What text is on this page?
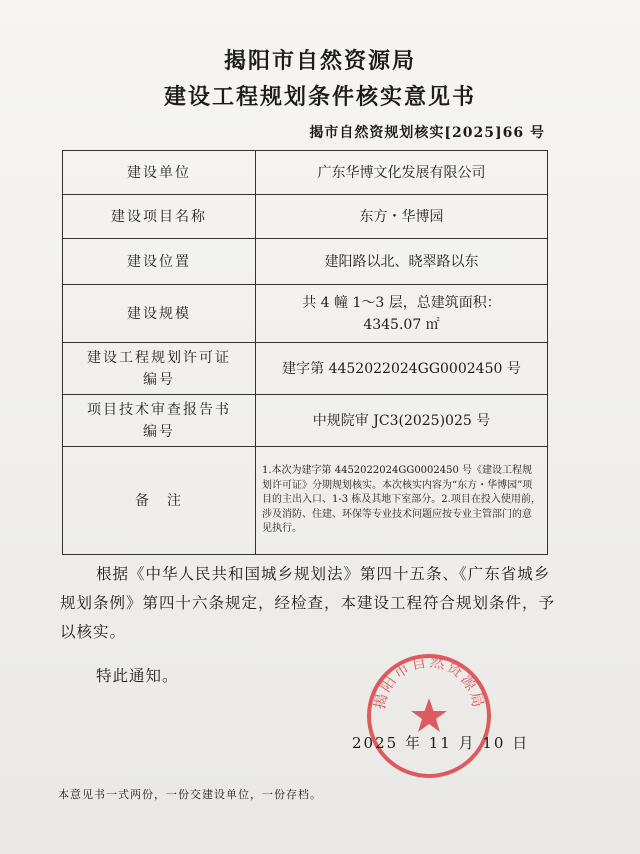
揭阳市自然资源局
建设工程规划条件核实意见书
揭市自然资规划核实[2025]66 号
建设单位	广东华博文化发展有限公司
建设项目名称	东方・华博园
建设位置	建阳路以北、晓翠路以东
建设规模	共 4 幢 1～3 层，总建筑面积：4345.07 ㎡
建设工程规划许可证编号	建字第 4452022024GG0002450 号
项目技术审查报告书编号	中规院审 JC3(2025)025 号
备　注	1.本次为建字第 4452022024GG0002450 号《建设工程规划许可证》分期规划核实。本次核实内容为“东方・华博园”项目的主出入口、1-3 栋及其地下室部分。2.项目在投入使用前，涉及消防、住建、环保等专业技术问题应按专业主管部门的意见执行。
根据《中华人民共和国城乡规划法》第四十五条、《广东省城乡规划条例》第四十六条规定，经检查，本建设工程符合规划条件，予以核实。
特此通知。
揭阳市自然资源局
2025 年 11 月 10 日
本意见书一式两份，一份交建设单位，一份存档。
